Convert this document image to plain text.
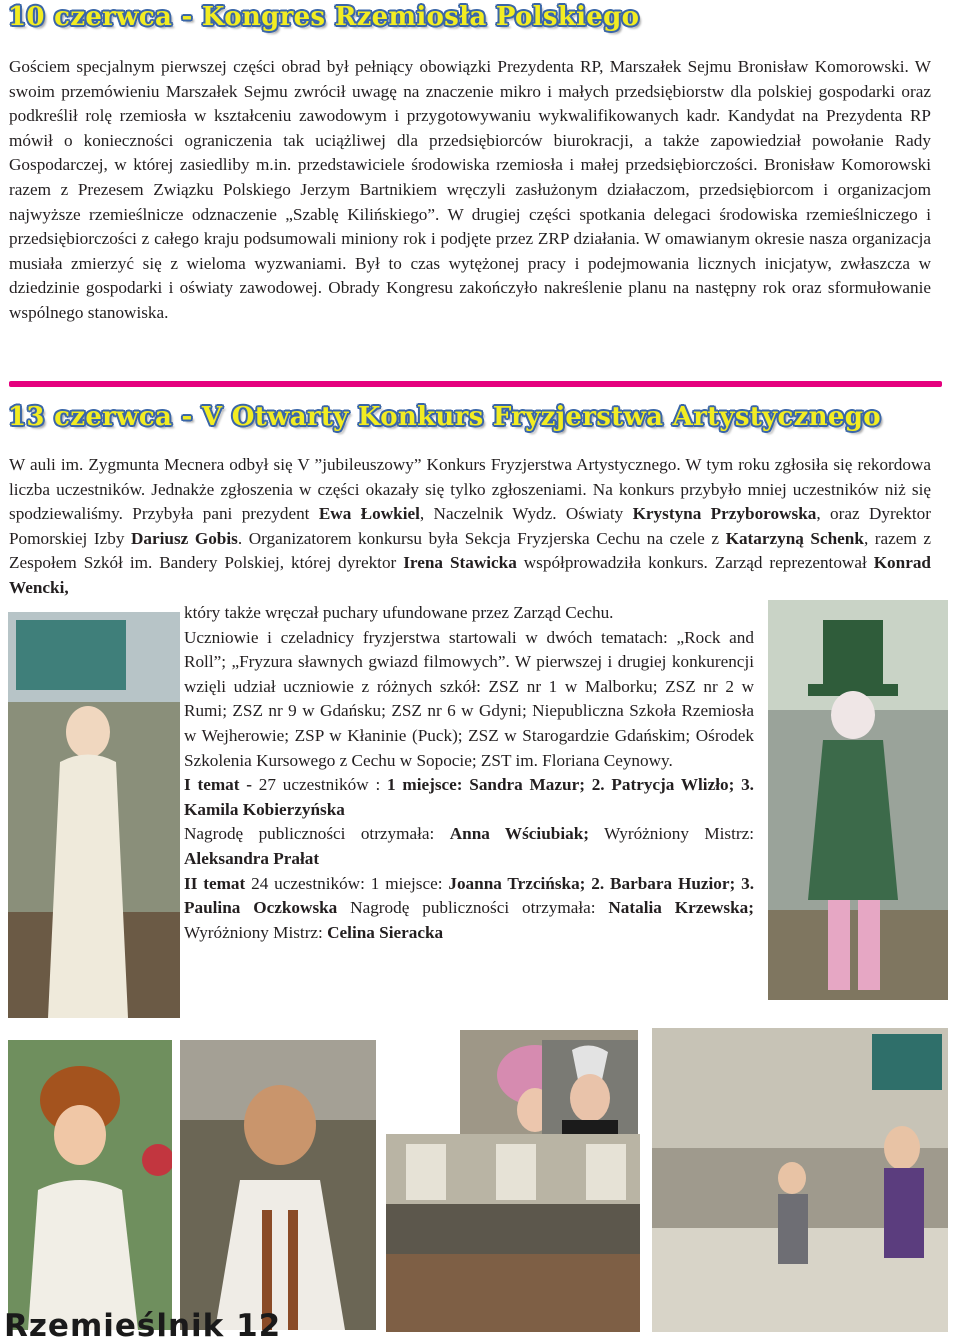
10 czerwca - Kongres Rzemiosła Polskiego

Gościem specjalnym pierwszej części obrad był pełniący obowiązki Prezydenta RP, Marszałek Sejmu Bronisław Komorowski. W swoim przemówieniu Marszałek Sejmu zwrócił uwagę na znaczenie mikro i małych przedsiębiorstw dla polskiej gospodarki oraz podkreślił rolę rzemiosła w kształceniu zawodowym i przygotowywaniu wykwalifikowanych kadr. Kandydat na Prezydenta RP mówił o konieczności ograniczenia tak uciążliwej dla przedsiębiorców biurokracji, a także zapowiedział powołanie Rady Gospodarczej, w której zasiedliby m.in. przedstawiciele środowiska rzemiosła i małej przedsiębiorczości. Bronisław Komorowski razem z Prezesem Związku Polskiego Jerzym Bartnikiem wręczyli zasłużonym działaczom, przedsiębiorcom i organizacjom najwyższe rzemieślnicze odznaczenie „Szablę Kilińskiego”. W drugiej części spotkania delegaci środowiska rzemieślniczego i przedsiębiorczości z całego kraju podsumowali miniony rok i podjęte przez ZRP działania. W omawianym okresie nasza organizacja musiała zmierzyć się z wieloma wyzwaniami. Był to czas wytężonej pracy i podejmowania licznych inicjatyw, zwłaszcza w dziedzinie gospodarki i oświaty zawodowej. Obrady Kongresu zakończyło nakreślenie planu na następny rok oraz sformułowanie wspólnego stanowiska.

13 czerwca - V Otwarty Konkurs Fryzjerstwa Artystycznego

W auli im. Zygmunta Mecnera odbył się V ”jubileuszowy” Konkurs Fryzjerstwa Artystycznego. W tym roku zgłosiła się rekordowa liczba uczestników. Jednakże zgłoszenia w części okazały się tylko zgłoszeniami. Na konkurs przybyło mniej uczestników niż się spodziewaliśmy. Przybyła pani prezydent Ewa Łowkiel, Naczelnik Wydz. Oświaty Krystyna Przyborowska, oraz Dyrektor Pomorskiej Izby Dariusz Gobis. Organizatorem konkursu była Sekcja Fryzjerska Cechu na czele z Katarzyną Schenk, razem z Zespołem Szkół im. Bandery Polskiej, której dyrektor Irena Stawicka współprowadziła konkurs. Zarząd reprezentował Konrad Wencki,

który także wręczał puchary ufundowane przez Zarząd Cechu.
Uczniowie i czeladnicy fryzjerstwa startowali w dwóch tematach: „Rock and Roll”; „Fryzura sławnych gwiazd filmowych”. W pierwszej i drugiej konkurencji wzięli udział uczniowie z różnych szkół: ZSZ nr 1 w Malborku; ZSZ nr 2 w Rumi; ZSZ nr 9 w Gdańsku; ZSZ nr 6 w Gdyni; Niepubliczna Szkoła Rzemiosła w Wejherowie; ZSP w Kłaninie (Puck); ZSZ w Starogardzie Gdańskim; Ośrodek Szkolenia Kursowego z Cechu w Sopocie; ZST im. Floriana Ceynowy.
I temat - 27 uczestników : 1 miejsce: Sandra Mazur; 2. Patrycja Wlizło; 3. Kamila Kobierzyńska
Nagrodę publiczności otrzymała: Anna Wściubiak; Wyróżniony Mistrz: Aleksandra Prałat
II temat 24 uczestników: 1 miejsce: Joanna Trzcińska; 2. Barbara Huzior; 3. Paulina Oczkowska Nagrodę publiczności otrzymała: Natalia Krzewska; Wyróżniony Mistrz: Celina Sieracka
Rzemieślnik 12
